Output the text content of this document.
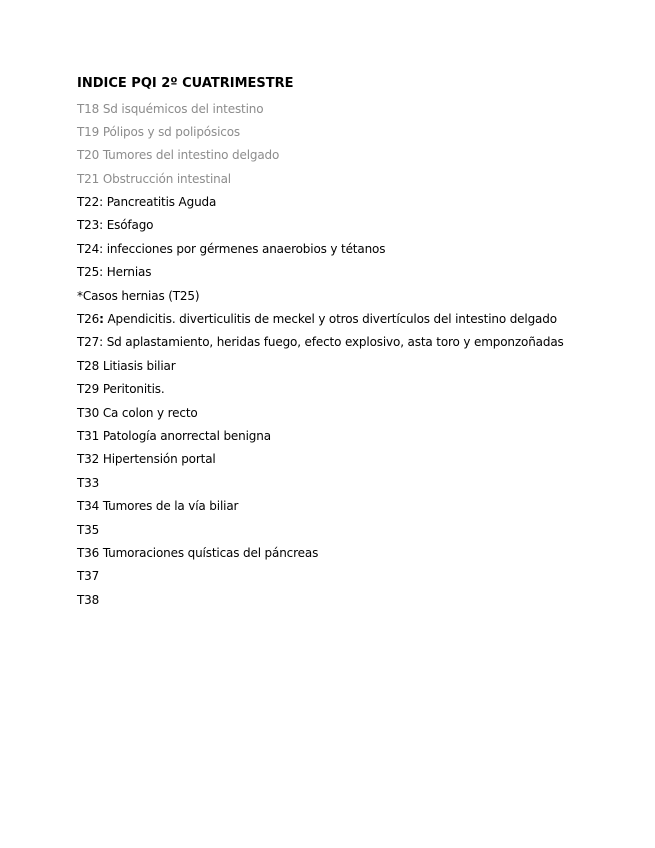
INDICE PQI 2º CUATRIMESTRE
T18 Sd isquémicos del intestino
T19 Pólipos y sd polipósicos
T20 Tumores del intestino delgado
T21 Obstrucción intestinal
T22: Pancreatitis Aguda
T23: Esófago
T24: infecciones por gérmenes anaerobios y tétanos
T25: Hernias
*Casos hernias (T25)
T26: Apendicitis. diverticulitis de meckel y otros divertículos del intestino delgado
T27: Sd aplastamiento, heridas fuego, efecto explosivo, asta toro y emponzoñadas
T28 Litiasis biliar
T29 Peritonitis.
T30 Ca colon y recto
T31 Patología anorrectal benigna
T32 Hipertensión portal
T33
T34 Tumores de la vía biliar
T35
T36 Tumoraciones quísticas del páncreas
T37
T38
